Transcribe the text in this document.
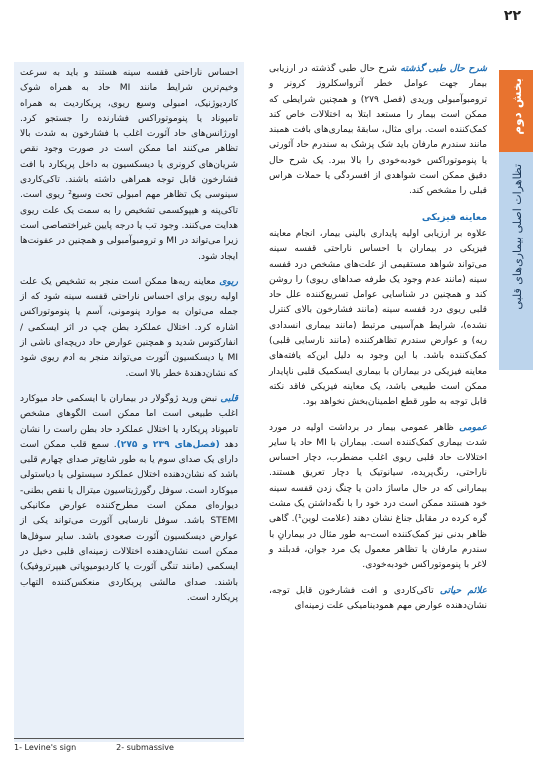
۲۲
بخش دوم
تظاهرات اصلی بیماری‌های قلبی

شرح حال طبی گذشته شرح حال طبی گذشته در ارزیابی بیمار جهت عوامل خطر آترواسکلروز کرونر و ترومبوآمبولی وریدی (فصل ۲۷۹) و همچنین شرایطی که ممکن است بیمار را مستعد ابتلا به اختلالات خاص کند کمک‌کننده است. برای مثال، سابقهٔ بیماری‌های بافت همبند مانند سندرم مارفان باید شک پزشک به سندرم حاد آئورتی یا پنوموتوراکس خودبه‌خودی را بالا ببرد. یک شرح حال دقیق ممکن است شواهدی از افسردگی یا حملات هراس قبلی را مشخص کند.

معاینه فیزیکی

علاوه بر ارزیابی اولیه پایداری بالینی بیمار، انجام معاینه فیزیکی در بیماران با احساس ناراحتی قفسه سینه می‌تواند شواهد مستقیمی از علت‌های مشخص درد قفسه سینه (مانند عدم وجود یک طرفه صداهای ریوی) را روشن کند و همچنین در شناسایی عوامل تسریع‌کننده علل حاد قلبی ریوی درد قفسه سینه (مانند فشارخون بالای کنترل نشده)، شرایط هم‌آسیبی مرتبط (مانند بیماری انسدادی ریه) و عوارض سندرم تظاهرکننده (مانند نارسایی قلبی) کمک‌کننده باشد. با این وجود به دلیل این‌که یافته‌های معاینه فیزیکی در بیماران با بیماری ایسکمیک قلبی ناپایدار ممکن است طبیعی باشد، یک معاینه فیزیکی فاقد نکته قابل توجه به طور قطع اطمینان‌بخش نخواهد بود.

عمومی ظاهر عمومی بیمار در برداشت اولیه در مورد شدت بیماری کمک‌کننده است. بیماران با MI حاد یا سایر اختلالات حاد قلبی ریوی اغلب مضطرب، دچار احساس ناراحتی، رنگ‌پریده، سیانوتیک یا دچار تعریق هستند. بیمارانی که در حال ماساژ دادن یا چنگ زدن قفسه سینه خود هستند ممکن است درد خود را با نگه‌داشتن یک مشت گره کرده در مقابل جناغ نشان دهند (علامت لوین¹). گاهی ظاهر بدنی نیز کمک‌کننده است-به طور مثال در بیمارانِ با سندرم مارفان یا تظاهر معمول یک مرد جوان، قدبلند و لاغر با پنوموتوراکس خودبه‌خودی.

علائم حیاتی تاکی‌کاردی و افت فشارخون قابل توجه، نشان‌دهنده عوارض مهم همودینامیکی علت زمینه‌ای

احساس ناراحتی قفسه سینه هستند و باید به سرعت وخیم‌ترین شرایط مانند MI حاد به همراه شوک کاردیوژنیک، امبولی وسیع ریوی، پریکاردیت به همراه تامپوناد یا پنوموتوراکس فشارنده را جستجو کرد. اورژانس‌های حاد آئورت اغلب با فشارخون به شدت بالا تظاهر می‌کنند اما ممکن است در صورت وجود نقص شریان‌های کرونری یا دیسکسیون به داخل پریکارد با افت فشارخون قابل توجه همراهی داشته باشند. تاکی‌کاردی سینوسی یک تظاهر مهم امبولی تحت وسیع² ریوی است. تاکی‌پنه و هیپوکسمی تشخیص را به سمت یک علت ریوی هدایت می‌کنند. وجود تب یا درجه پایین غیراختصاصی است زیرا می‌تواند در MI و ترومبوآمبولی و همچنین در عفونت‌ها ایجاد شود.

ریوی معاینه ریه‌ها ممکن است منجر به تشخیص یک علت اولیه ریوی برای احساس ناراحتی قفسه سینه شود که از جمله می‌توان به موارد پنومونی، آسم یا پنوموتوراکس اشاره کرد. اختلال عملکرد بطن چپ در اثر ایسکمی / انفارکتوس شدید و همچنین عوارض حاد دریچه‌ای ناشی از MI یا دیسکسیون آئورت می‌تواند منجر به ادم ریوی شود که نشان‌دهندهٔ خطر بالا است.

قلبی نبض ورید ژوگولار در بیماران با ایسکمی حاد میوکارد اغلب طبیعی است اما ممکن است الگوهای مشخص تامپوناد پریکارد یا اختلال عملکرد حاد بطن راست را نشان دهد (فصل‌های ۲۳۹ و ۲۷۵). سمع قلب ممکن است دارای یک صدای سوم یا به طور شایع‌تر صدای چهارم قلبی باشد که نشان‌دهنده اختلال عملکرد سیستولی یا دیاستولی میوکارد است. سوفل رگورژیتاسیون میترال یا نقص بطنی-دیواره‌ای ممکن است مطرح‌کننده عوارض مکانیکی STEMI باشد. سوفل نارسایی آئورت می‌تواند یکی از عوارض دیسکسیون آئورت صعودی باشد. سایر سوفل‌ها ممکن است نشان‌دهنده اختلالات زمینه‌ای قلبی دخیل در ایسکمی (مانند تنگی آئورت یا کاردیومیوپاتی هیپرتروفیک) باشند. صدای مالشی پریکاردی منعکس‌کننده التهاب پریکارد است.

1- Levine's sign	2- submassive
